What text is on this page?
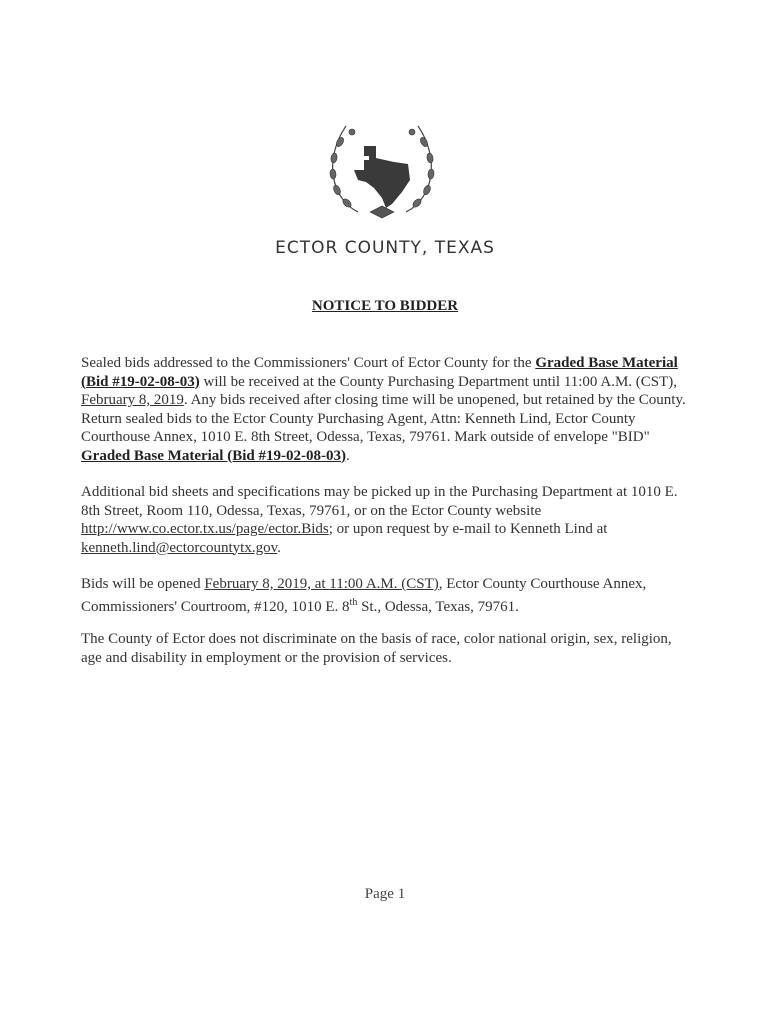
ECTOR COUNTY, TEXAS
NOTICE TO BIDDER
Sealed bids addressed to the Commissioners' Court of Ector County for the Graded Base Material (Bid #19-02-08-03) will be received at the County Purchasing Department until 11:00 A.M. (CST), February 8, 2019. Any bids received after closing time will be unopened, but retained by the County. Return sealed bids to the Ector County Purchasing Agent, Attn: Kenneth Lind, Ector County Courthouse Annex, 1010 E. 8th Street, Odessa, Texas, 79761. Mark outside of envelope "BID" Graded Base Material (Bid #19-02-08-03).
Additional bid sheets and specifications may be picked up in the Purchasing Department at 1010 E. 8th Street, Room 110, Odessa, Texas, 79761, or on the Ector County website http://www.co.ector.tx.us/page/ector.Bids; or upon request by e-mail to Kenneth Lind at kenneth.lind@ectorcountytx.gov.
Bids will be opened February 8, 2019, at 11:00 A.M. (CST), Ector County Courthouse Annex, Commissioners' Courtroom, #120, 1010 E. 8th St., Odessa, Texas, 79761.
The County of Ector does not discriminate on the basis of race, color national origin, sex, religion, age and disability in employment or the provision of services.
Page 1
